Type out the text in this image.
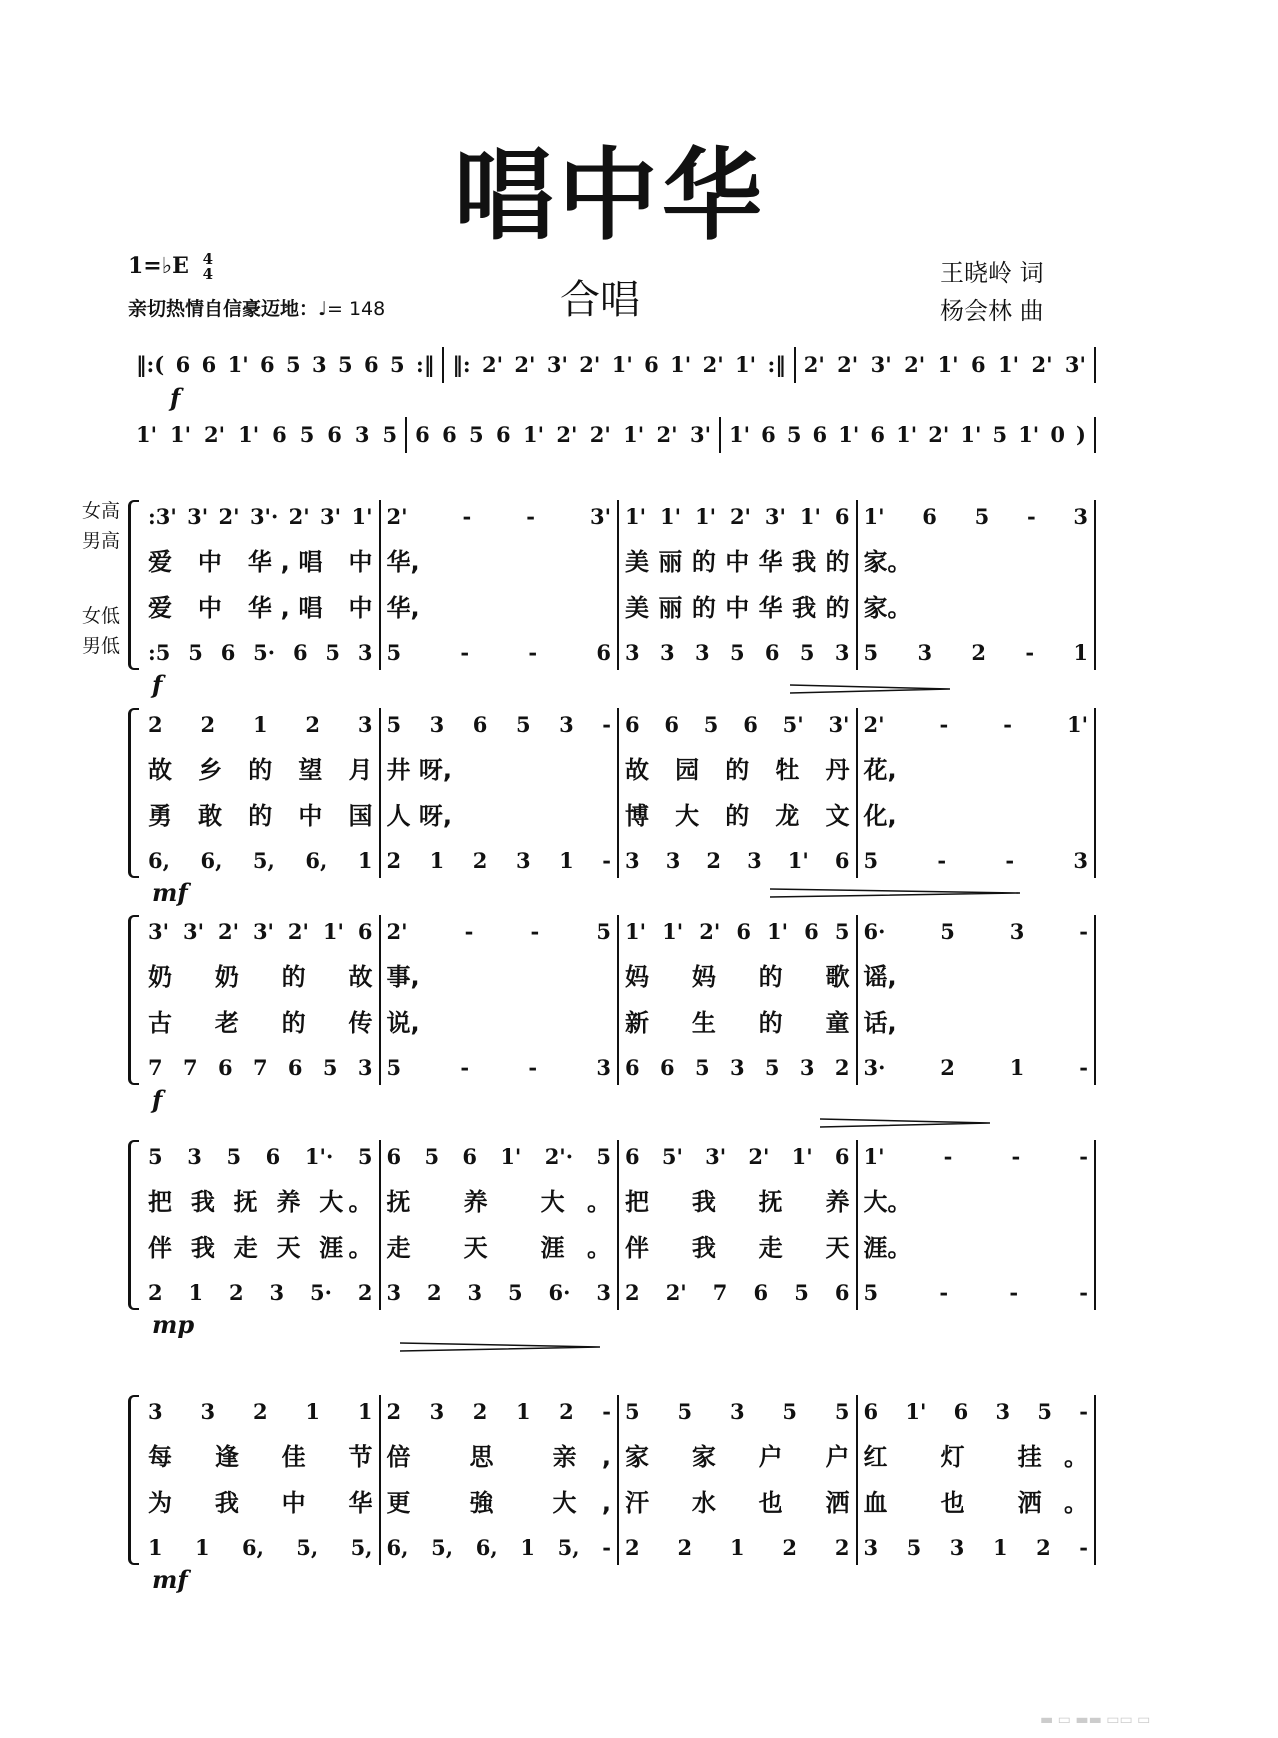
唱中华
1=♭E 4
4
亲切热情自信豪迈地：♩= 148	合唱
王晓岭 词
杨会林 曲
‖:( 6 6 1' 6 5 3 5 6 5 :‖ ‖: 2' 2' 3' 2' 1' 6 1' 2' 1' :‖ 2' 2' 3' 2' 1' 6 1' 2' 3'
f
1' 1' 2' 1' 6 5 6 3 5 6 6 5 6 1' 2' 2' 1' 2' 3' 1' 6 5 6 1' 6 1' 2' 1' 5 1' 0 )
:3' 3' 2' 3'· 2' 3' 1'
爱 中 华,唱 中
爱 中 华,唱 中
:5 5 6 5· 6 5 3
2' - - 3'
华,
华,
5 - - 6
1' 1' 1' 2' 3' 1' 6
美 丽 的 中 华 我 的
美 丽 的 中 华 我 的
3 3 3 5 6 5 3
1' 6 5 - 3
家。
家。
5 3 2 - 1
f
2 2 1 2 3
故 乡 的 望 月
勇 敢 的 中 国
6, 6, 5, 6, 1
5 3 6 5 3 -
井 呀,
人 呀,
2 1 2 3 1 -
6 6 5 6 5' 3'
故 园 的 牡 丹
博 大 的 龙 文
3 3 2 3 1' 6
2' - - 1'
花,
化,
5 - - 3
mf
3' 3' 2' 3' 2' 1' 6
奶 奶 的 故
古 老 的 传
7 7 6 7 6 5 3
2' - - 5
事,
说,
5 - - 3
1' 1' 2' 6 1' 6 5
妈 妈 的 歌
新 生 的 童
6 6 5 3 5 3 2
6· 5 3 -
谣,
话,
3· 2 1 -
f
5 3 5 6 1'· 5
把 我 抚 养 大。
伴 我 走 天 涯。
2 1 2 3 5· 2
6 5 6 1' 2'· 5
抚 养 大。
走 天 涯。
3 2 3 5 6· 3
6 5' 3' 2' 1' 6
把 我 抚 养
伴 我 走 天
2 2' 7 6 5 6
1' - - -
大。
涯。
5 - - -
mp
3 3 2 1 1
每 逢 佳 节
为 我 中 华
1 1 6, 5, 5,
2 3 2 1 2 -
倍 思 亲,
更 強 大,
6, 5, 6, 1 5, -
5 5 3 5 5
家 家 户 户
汗 水 也 洒
2 2 1 2 2
6 1' 6 3 5 -
红 灯 挂。
血 也 洒。
3 5 3 1 2 -
mf
女高
男高
女低
男低
▬ ▭ ▬▬ ▭▭ ▭
